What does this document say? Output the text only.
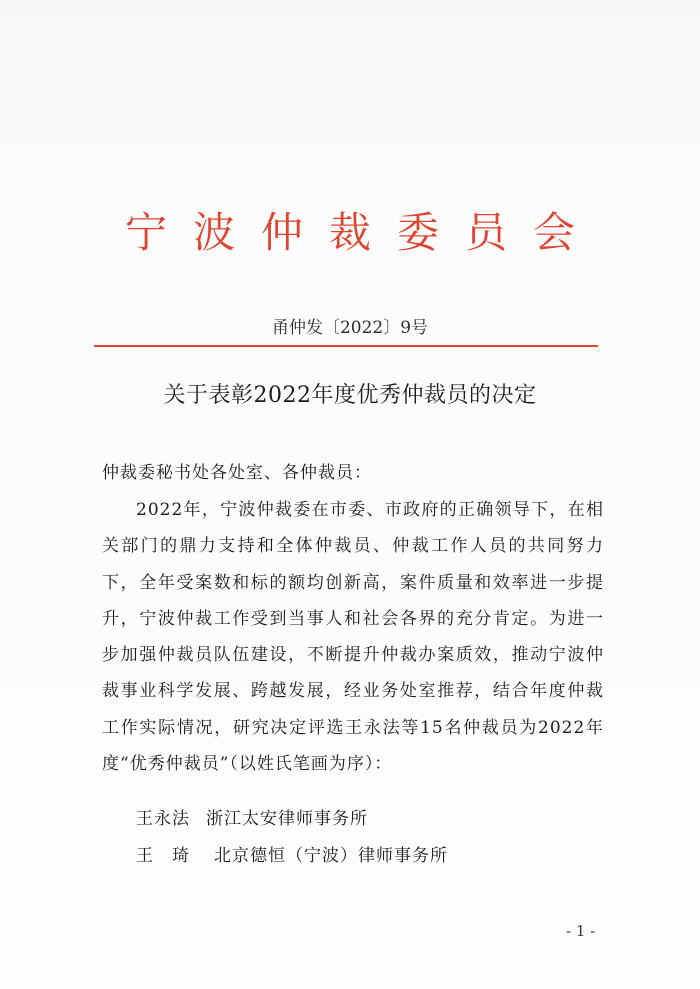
宁波仲裁委员会
甬仲发〔2022〕9号
关于表彰2022年度优秀仲裁员的决定
仲裁委秘书处各处室、各仲裁员：

2022年，宁波仲裁委在市委、市政府的正确领导下，在相关部门的鼎力支持和全体仲裁员、仲裁工作人员的共同努力下，全年受案数和标的额均创新高，案件质量和效率进一步提升，宁波仲裁工作受到当事人和社会各界的充分肯定。为进一步加强仲裁员队伍建设，不断提升仲裁办案质效，推动宁波仲裁事业科学发展、跨越发展，经业务处室推荐，结合年度仲裁工作实际情况，研究决定评选王永法等15名仲裁员为2022年度“优秀仲裁员”（以姓氏笔画为序）：

王永法 浙江太安律师事务所
王琦 北京德恒（宁波）律师事务所
- 1 -
